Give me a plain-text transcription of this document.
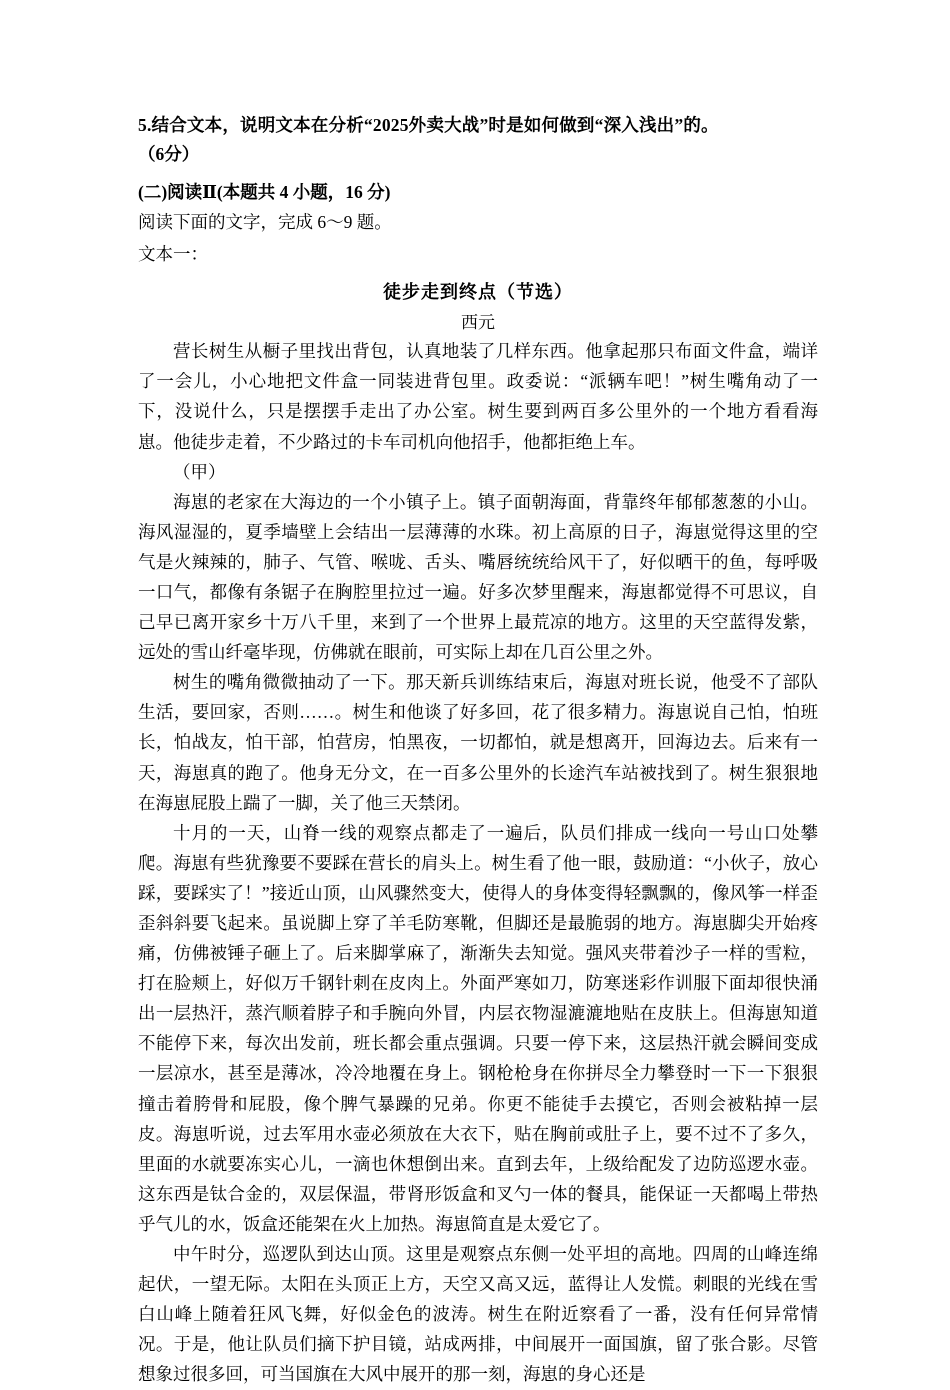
5.结合文本，说明文本在分析“2025外卖大战”时是如何做到“深入浅出”的。
（6分）
(二)阅读Ⅱ(本题共 4 小题，16 分)
阅读下面的文字，完成 6～9 题。
文本一：
徒步走到终点（节选）
西元

营长树生从橱子里找出背包，认真地装了几样东西。他拿起那只布面文件盒，端详了一会儿，小心地把文件盒一同装进背包里。政委说：“派辆车吧！”树生嘴角动了一下，没说什么，只是摆摆手走出了办公室。树生要到两百多公里外的一个地方看看海崽。他徒步走着，不少路过的卡车司机向他招手，他都拒绝上车。

（甲）

海崽的老家在大海边的一个小镇子上。镇子面朝海面，背靠终年郁郁葱葱的小山。海风湿湿的，夏季墙壁上会结出一层薄薄的水珠。初上高原的日子，海崽觉得这里的空气是火辣辣的，肺子、气管、喉咙、舌头、嘴唇统统给风干了，好似晒干的鱼，每呼吸一口气，都像有条锯子在胸腔里拉过一遍。好多次梦里醒来，海崽都觉得不可思议，自己早已离开家乡十万八千里，来到了一个世界上最荒凉的地方。这里的天空蓝得发紫，远处的雪山纤毫毕现，仿佛就在眼前，可实际上却在几百公里之外。

树生的嘴角微微抽动了一下。那天新兵训练结束后，海崽对班长说，他受不了部队生活，要回家，否则……。树生和他谈了好多回，花了很多精力。海崽说自己怕，怕班长，怕战友，怕干部，怕营房，怕黑夜，一切都怕，就是想离开，回海边去。后来有一天，海崽真的跑了。他身无分文，在一百多公里外的长途汽车站被找到了。树生狠狠地在海崽屁股上踹了一脚，关了他三天禁闭。

十月的一天，山脊一线的观察点都走了一遍后，队员们排成一线向一号山口处攀爬。海崽有些犹豫要不要踩在营长的肩头上。树生看了他一眼，鼓励道：“小伙子，放心踩，要踩实了！”接近山顶，山风骤然变大，使得人的身体变得轻飘飘的，像风筝一样歪歪斜斜要飞起来。虽说脚上穿了羊毛防寒靴，但脚还是最脆弱的地方。海崽脚尖开始疼痛，仿佛被锤子砸上了。后来脚掌麻了，渐渐失去知觉。强风夹带着沙子一样的雪粒，打在脸颊上，好似万千钢针刺在皮肉上。外面严寒如刀，防寒迷彩作训服下面却很快涌出一层热汗，蒸汽顺着脖子和手腕向外冒，内层衣物湿漉漉地贴在皮肤上。但海崽知道不能停下来，每次出发前，班长都会重点强调。只要一停下来，这层热汗就会瞬间变成一层凉水，甚至是薄冰，冷冷地覆在身上。钢枪枪身在你拼尽全力攀登时一下一下狠狠撞击着胯骨和屁股，像个脾气暴躁的兄弟。你更不能徒手去摸它，否则会被粘掉一层皮。海崽听说，过去军用水壶必须放在大衣下，贴在胸前或肚子上，要不过不了多久，里面的水就要冻实心儿，一滴也休想倒出来。直到去年，上级给配发了边防巡逻水壶。这东西是钛合金的，双层保温，带肾形饭盒和叉勺一体的餐具，能保证一天都喝上带热乎气儿的水，饭盒还能架在火上加热。海崽简直是太爱它了。

中午时分，巡逻队到达山顶。这里是观察点东侧一处平坦的高地。四周的山峰连绵起伏，一望无际。太阳在头顶正上方，天空又高又远，蓝得让人发慌。刺眼的光线在雪白山峰上随着狂风飞舞，好似金色的波涛。树生在附近察看了一番，没有任何异常情况。于是，他让队员们摘下护目镜，站成两排，中间展开一面国旗，留了张合影。尽管想象过很多回，可当国旗在大风中展开的那一刻，海崽的身心还是
